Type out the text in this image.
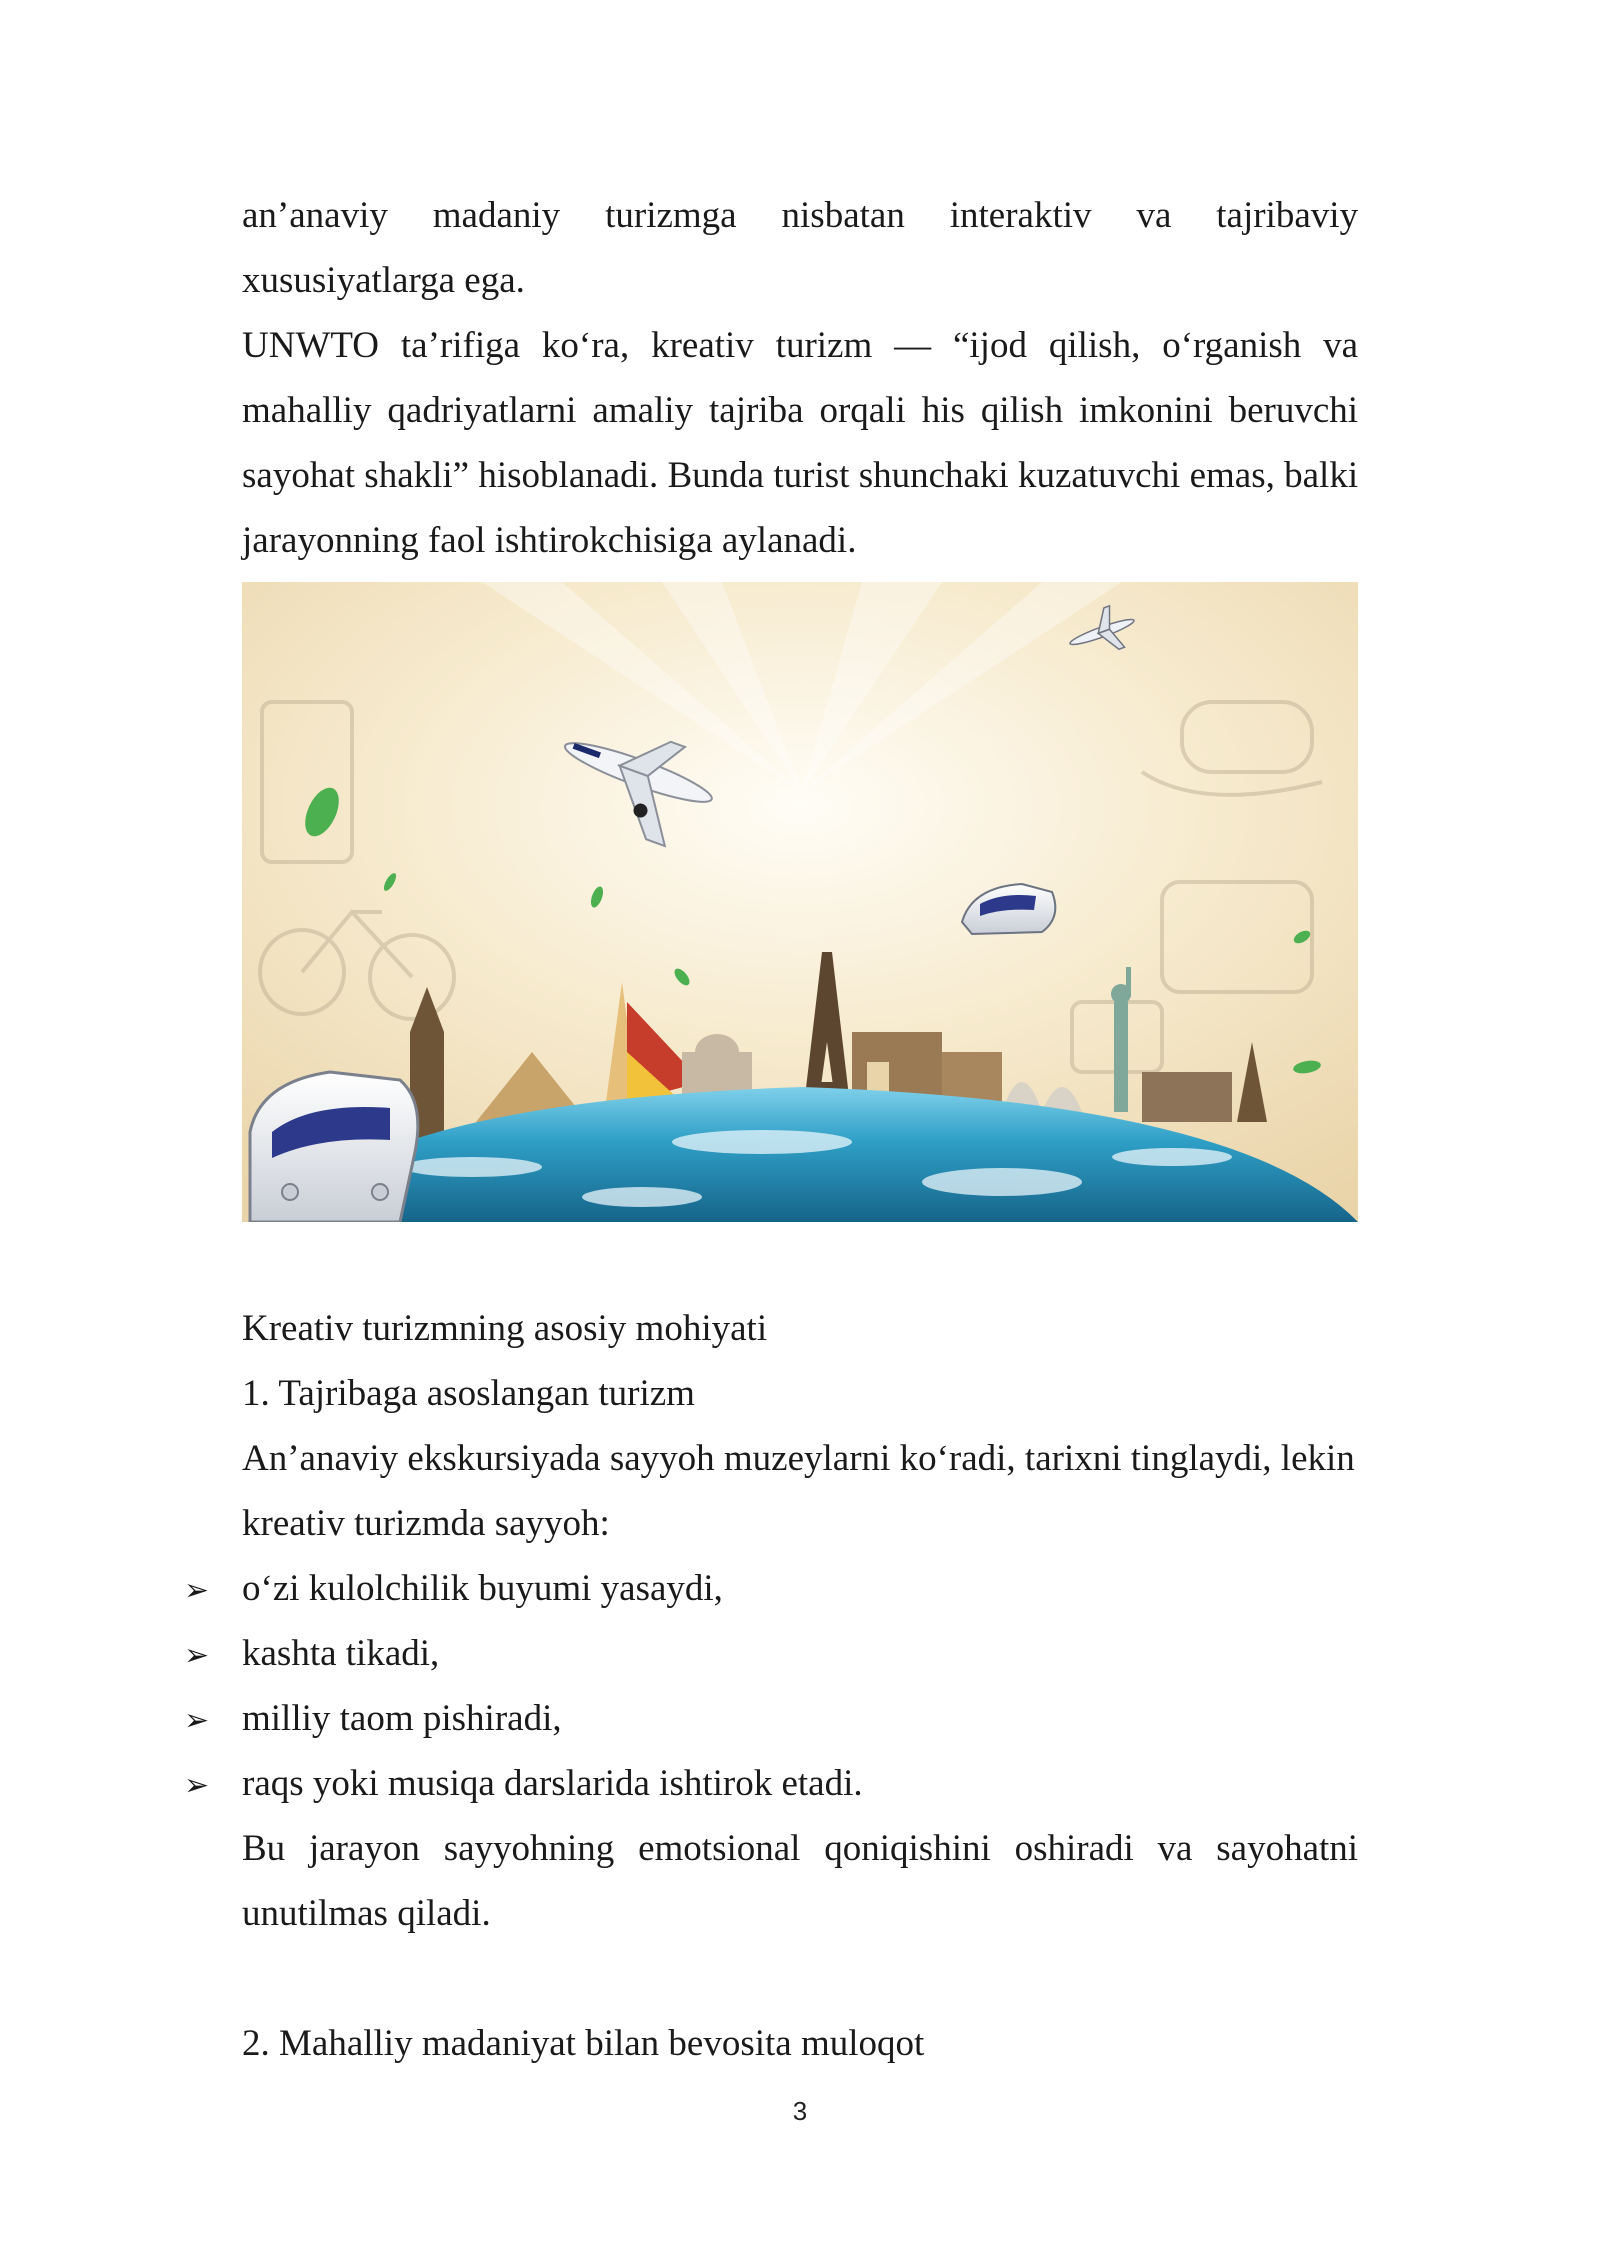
an’anaviy madaniy turizmga nisbatan interaktiv va tajribaviy
xususiyatlarga ega.
UNWTO ta’rifiga ko‘ra, kreativ turizm — “ijod qilish, o‘rganish va
mahalliy qadriyatlarni amaliy tajriba orqali his qilish imkonini beruvchi
sayohat shakli” hisoblanadi. Bunda turist shunchaki kuzatuvchi emas, balki
jarayonning faol ishtirokchisiga aylanadi.
Kreativ turizmning asosiy mohiyati
1. Tajribaga asoslangan turizm
An’anaviy ekskursiyada sayyoh muzeylarni ko‘radi, tarixni tinglaydi, lekin
kreativ turizmda sayyoh:
➢ o‘zi kulolchilik buyumi yasaydi,
➢ kashta tikadi,
➢ milliy taom pishiradi,
➢ raqs yoki musiqa darslarida ishtirok etadi.
Bu jarayon sayyohning emotsional qoniqishini oshiradi va sayohatni
unutilmas qiladi.
2. Mahalliy madaniyat bilan bevosita muloqot
3
